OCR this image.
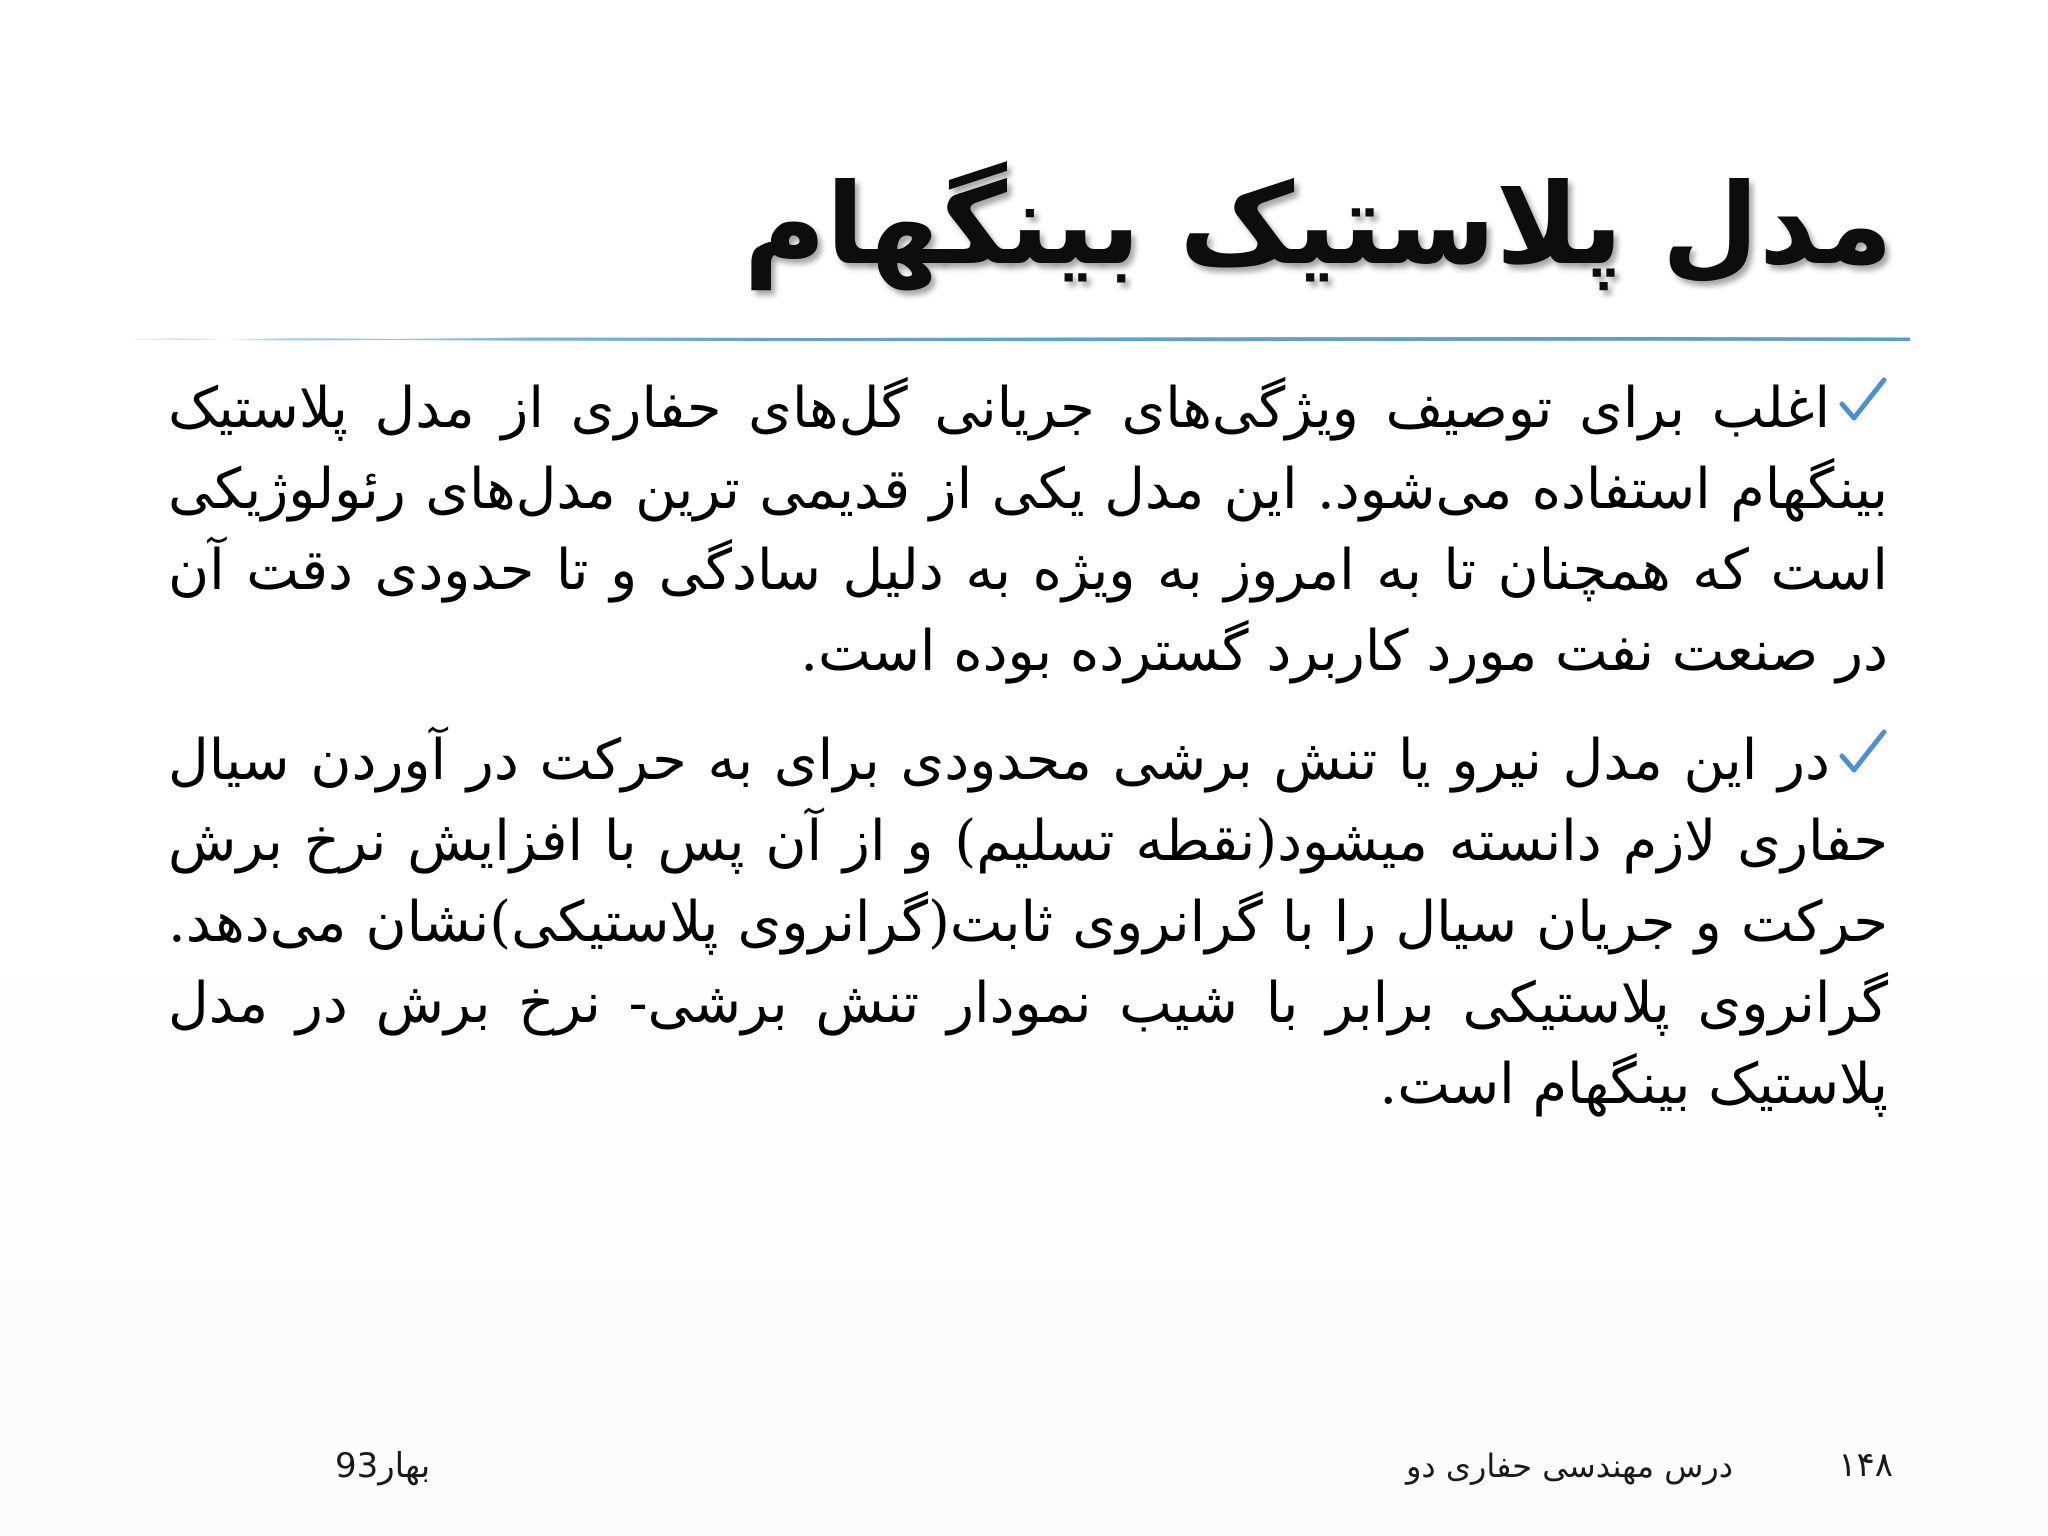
مدل پلاستیک بینگهام

اغلب برای توصیف ویژگی‌های جریانی گل‌های حفاری از مدل پلاستیک بینگهام استفاده می‌شود. این مدل یکی از قدیمی ترین مدل‌های رئولوژیکی است که همچنان تا به امروز به ویژه به دلیل سادگی و تا حدودی دقت آن در صنعت نفت مورد کاربرد گسترده بوده است.

در این مدل نیرو یا تنش برشی محدودی برای به حرکت در آوردن سیال حفاری لازم دانسته میشود(نقطه تسلیم) و از آن پس با افزایش نرخ برش حرکت و جریان سیال را با گرانروی ثابت(گرانروی پلاستیکی)نشان می‌دهد. گرانروی پلاستیکی برابر با شیب نمودار تنش برشی- نرخ برش در مدل پلاستیک بینگهام است.

۱۴۸
درس مهندسی حفاری دو
بهار93
